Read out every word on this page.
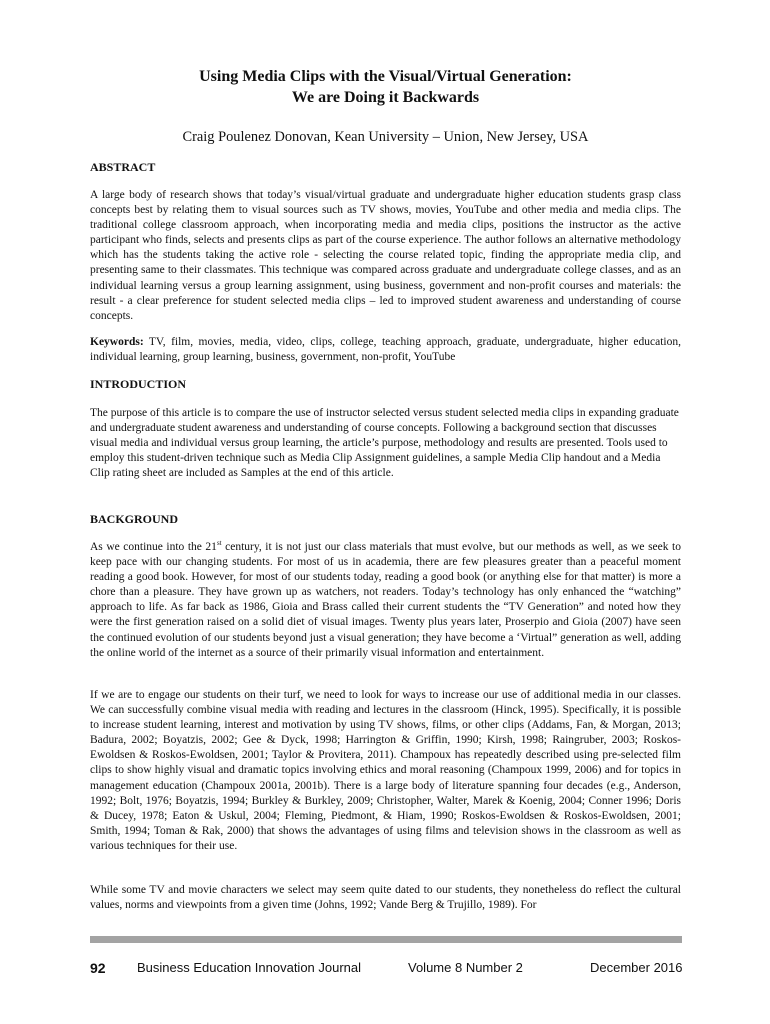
Using Media Clips with the Visual/Virtual Generation:
We are Doing it Backwards
Craig Poulenez Donovan, Kean University – Union, New Jersey, USA
ABSTRACT

A large body of research shows that today’s visual/virtual graduate and undergraduate higher education students grasp class concepts best by relating them to visual sources such as TV shows, movies, YouTube and other media and media clips. The traditional college classroom approach, when incorporating media and media clips, positions the instructor as the active participant who finds, selects and presents clips as part of the course experience. The author follows an alternative methodology which has the students taking the active role - selecting the course related topic, finding the appropriate media clip, and presenting same to their classmates. This technique was compared across graduate and undergraduate college classes, and as an individual learning versus a group learning assignment, using business, government and non-profit courses and materials: the result - a clear preference for student selected media clips – led to improved student awareness and understanding of course concepts.

Keywords: TV, film, movies, media, video, clips, college, teaching approach, graduate, undergraduate, higher education, individual learning, group learning, business, government, non-profit, YouTube

INTRODUCTION

The purpose of this article is to compare the use of instructor selected versus student selected media clips in expanding graduate and undergraduate student awareness and understanding of course concepts. Following a background section that discusses visual media and individual versus group learning, the article’s purpose, methodology and results are presented. Tools used to employ this student-driven technique such as Media Clip Assignment guidelines, a sample Media Clip handout and a Media Clip rating sheet are included as Samples at the end of this article.

BACKGROUND

As we continue into the 21st century, it is not just our class materials that must evolve, but our methods as well, as we seek to keep pace with our changing students. For most of us in academia, there are few pleasures greater than a peaceful moment reading a good book. However, for most of our students today, reading a good book (or anything else for that matter) is more a chore than a pleasure. They have grown up as watchers, not readers. Today’s technology has only enhanced the “watching” approach to life. As far back as 1986, Gioia and Brass called their current students the “TV Generation” and noted how they were the first generation raised on a solid diet of visual images. Twenty plus years later, Proserpio and Gioia (2007) have seen the continued evolution of our students beyond just a visual generation; they have become a ‘Virtual” generation as well, adding the online world of the internet as a source of their primarily visual information and entertainment.

If we are to engage our students on their turf, we need to look for ways to increase our use of additional media in our classes. We can successfully combine visual media with reading and lectures in the classroom (Hinck, 1995). Specifically, it is possible to increase student learning, interest and motivation by using TV shows, films, or other clips (Addams, Fan, & Morgan, 2013; Badura, 2002; Boyatzis, 2002; Gee & Dyck, 1998; Harrington & Griffin, 1990; Kirsh, 1998; Raingruber, 2003; Roskos-Ewoldsen & Roskos-Ewoldsen, 2001; Taylor & Provitera, 2011). Champoux has repeatedly described using pre-selected film clips to show highly visual and dramatic topics involving ethics and moral reasoning (Champoux 1999, 2006) and for topics in management education (Champoux 2001a, 2001b). There is a large body of literature spanning four decades (e.g., Anderson, 1992; Bolt, 1976; Boyatzis, 1994; Burkley & Burkley, 2009; Christopher, Walter, Marek & Koenig, 2004; Conner 1996; Doris & Ducey, 1978; Eaton & Uskul, 2004; Fleming, Piedmont, & Hiam, 1990; Roskos-Ewoldsen & Roskos-Ewoldsen, 2001; Smith, 1994; Toman & Rak, 2000) that shows the advantages of using films and television shows in the classroom as well as various techniques for their use.

While some TV and movie characters we select may seem quite dated to our students, they nonetheless do reflect the cultural values, norms and viewpoints from a given time (Johns, 1992; Vande Berg & Trujillo, 1989). For

92 Business Education Innovation Journal	Volume 8 Number 2	December 2016
